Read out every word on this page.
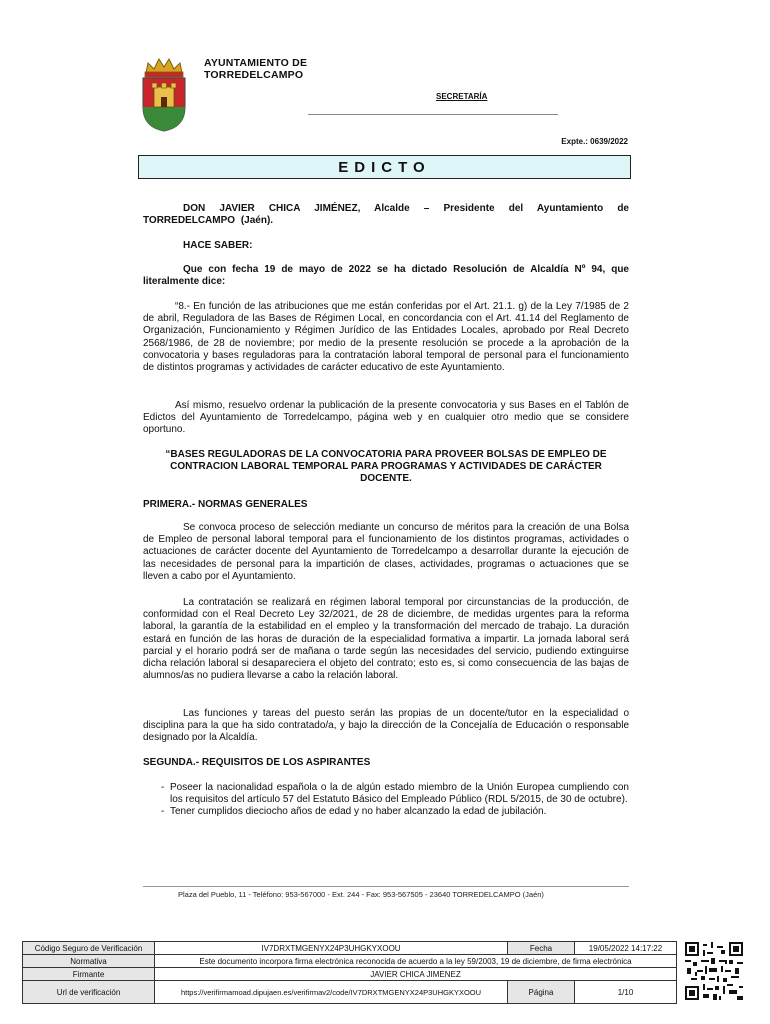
AYUNTAMIENTO DE
TORREDELCAMPO
SECRETARÍA
Expte.: 0639/2022
EDICTO
DON JAVIER CHICA JIMÉNEZ, Alcalde – Presidente del Ayuntamiento de TORREDELCAMPO (Jaén).
HACE SABER:
Que con fecha 19 de mayo de 2022 se ha dictado Resolución de Alcaldía Nº 94, que literalmente dice:
“8.- En función de las atribuciones que me están conferidas por el Art. 21.1. g) de la Ley 7/1985 de 2 de abril, Reguladora de las Bases de Régimen Local, en concordancia con el Art. 41.14 del Reglamento de Organización, Funcionamiento y Régimen Jurídico de las Entidades Locales, aprobado por Real Decreto 2568/1986, de 28 de noviembre; por medio de la presente resolución se procede a la aprobación de la convocatoria y bases reguladoras para la contratación laboral temporal de personal para el funcionamiento de distintos programas y actividades de carácter educativo de este Ayuntamiento.
Así mismo, resuelvo ordenar la publicación de la presente convocatoria y sus Bases en el Tablón de Edictos del Ayuntamiento de Torredelcampo, página web y en cualquier otro medio que se considere oportuno.
“BASES REGULADORAS DE LA CONVOCATORIA PARA PROVEER BOLSAS DE EMPLEO DE CONTRACION LABORAL TEMPORAL PARA PROGRAMAS Y ACTIVIDADES DE CARÁCTER DOCENTE.
PRIMERA.- NORMAS GENERALES
Se convoca proceso de selección mediante un concurso de méritos para la creación de una Bolsa de Empleo de personal laboral temporal para el funcionamiento de los distintos programas, actividades o actuaciones de carácter docente del Ayuntamiento de Torredelcampo a desarrollar durante la ejecución de las necesidades de personal para la impartición de clases, actividades, programas o actuaciones que se lleven a cabo por el Ayuntamiento.
La contratación se realizará en régimen laboral temporal por circunstancias de la producción, de conformidad con el Real Decreto Ley 32/2021, de 28 de diciembre, de medidas urgentes para la reforma laboral, la garantía de la estabilidad en el empleo y la transformación del mercado de trabajo. La duración estará en función de las horas de duración de la especialidad formativa a impartir. La jornada laboral será parcial y el horario podrá ser de mañana o tarde según las necesidades del servicio, pudiendo extinguirse dicha relación laboral si desapareciera el objeto del contrato; esto es, si como consecuencia de las bajas de alumnos/as no pudiera llevarse a cabo la relación laboral.
Las funciones y tareas del puesto serán las propias de un docente/tutor en la especialidad o disciplina para la que ha sido contratado/a, y bajo la dirección de la Concejalía de Educación o responsable designado por la Alcaldía.
SEGUNDA.- REQUISITOS DE LOS ASPIRANTES
- Poseer la nacionalidad española o la de algún estado miembro de la Unión Europea cumpliendo con los requisitos del artículo 57 del Estatuto Básico del Empleado Público (RDL 5/2015, de 30 de octubre).
- Tener cumplidos dieciocho años de edad y no haber alcanzado la edad de jubilación.
Plaza del Pueblo, 11 - Teléfono: 953-567000 - Ext. 244 - Fax: 953-567505 - 23640 TORREDELCAMPO (Jaén)
Código Seguro de Verificación	IV7DRXTMGENYX24P3UHGKYXOOU	Fecha	19/05/2022 14:17:22
Normativa	Este documento incorpora firma electrónica reconocida de acuerdo a la ley 59/2003, 19 de diciembre, de firma electrónica		
Firmante	JAVIER CHICA JIMENEZ		
Url de verificación	https://verifirmamoad.dipujaen.es/verifirmav2/code/IV7DRXTMGENYX24P3UHGKYXOOU	Página	1/10
